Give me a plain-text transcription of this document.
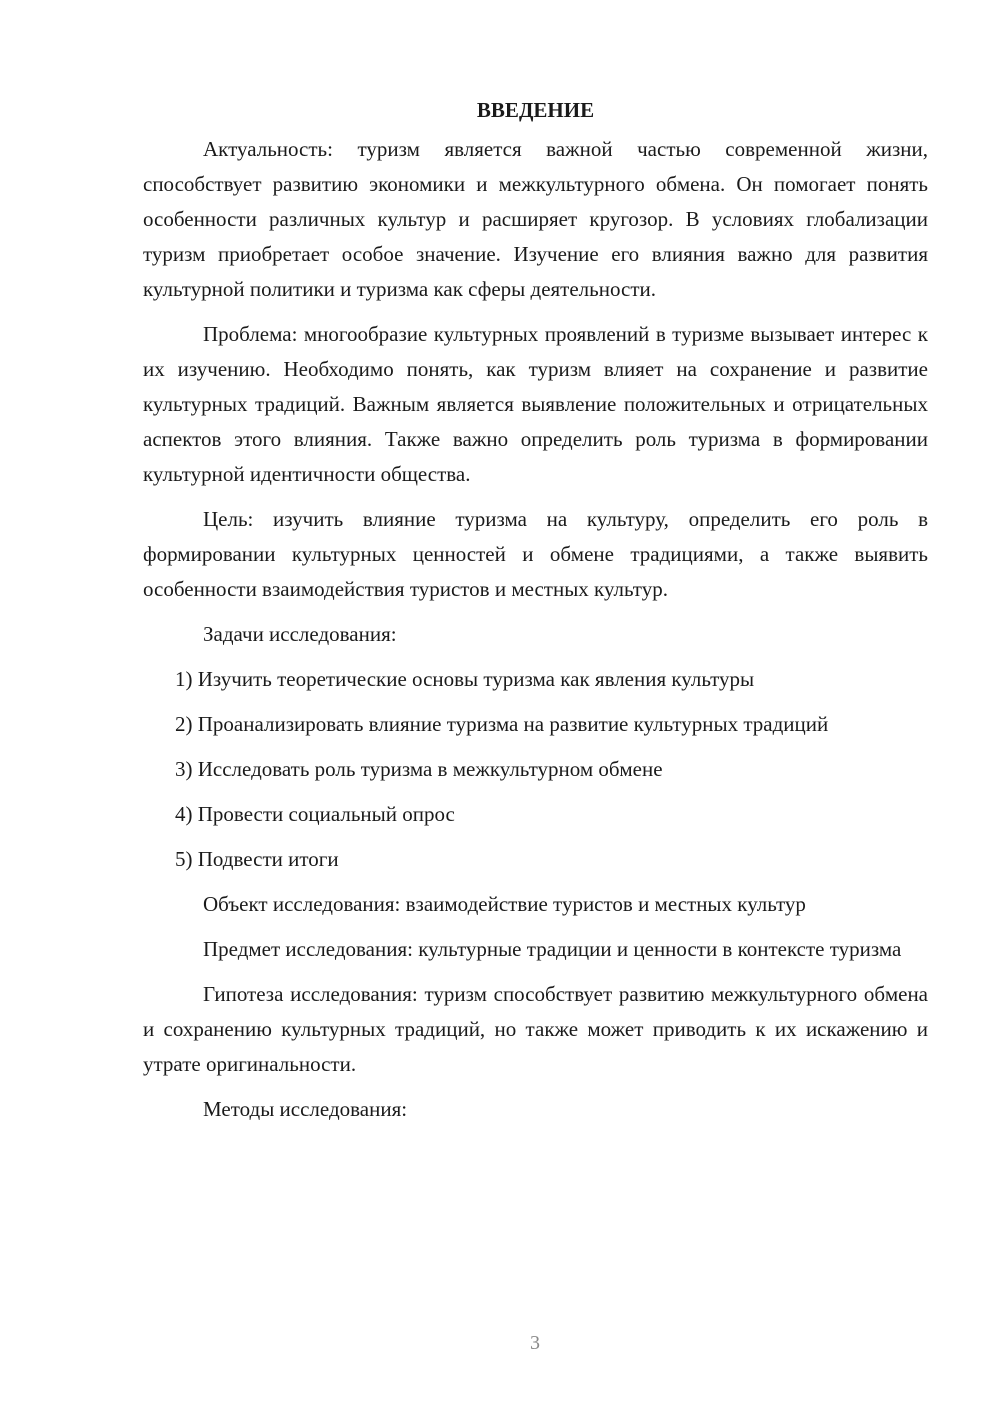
ВВЕДЕНИЕ

Актуальность: туризм является важной частью современной жизни, способствует развитию экономики и межкультурного обмена. Он помогает понять особенности различных культур и расширяет кругозор. В условиях глобализации туризм приобретает особое значение. Изучение его влияния важно для развития культурной политики и туризма как сферы деятельности.

Проблема: многообразие культурных проявлений в туризме вызывает интерес к их изучению. Необходимо понять, как туризм влияет на сохранение и развитие культурных традиций. Важным является выявление положительных и отрицательных аспектов этого влияния. Также важно определить роль туризма в формировании культурной идентичности общества.

Цель: изучить влияние туризма на культуру, определить его роль в формировании культурных ценностей и обмене традициями, а также выявить особенности взаимодействия туристов и местных культур.

Задачи исследования:

1) Изучить теоретические основы туризма как явления культуры

2) Проанализировать влияние туризма на развитие культурных традиций

3) Исследовать роль туризма в межкультурном обмене

4) Провести социальный опрос

5) Подвести итоги

Объект исследования: взаимодействие туристов и местных культур

Предмет исследования: культурные традиции и ценности в контексте туризма

Гипотеза исследования: туризм способствует развитию межкультурного обмена и сохранению культурных традиций, но также может приводить к их искажению и утрате оригинальности.

Методы исследования:

3
